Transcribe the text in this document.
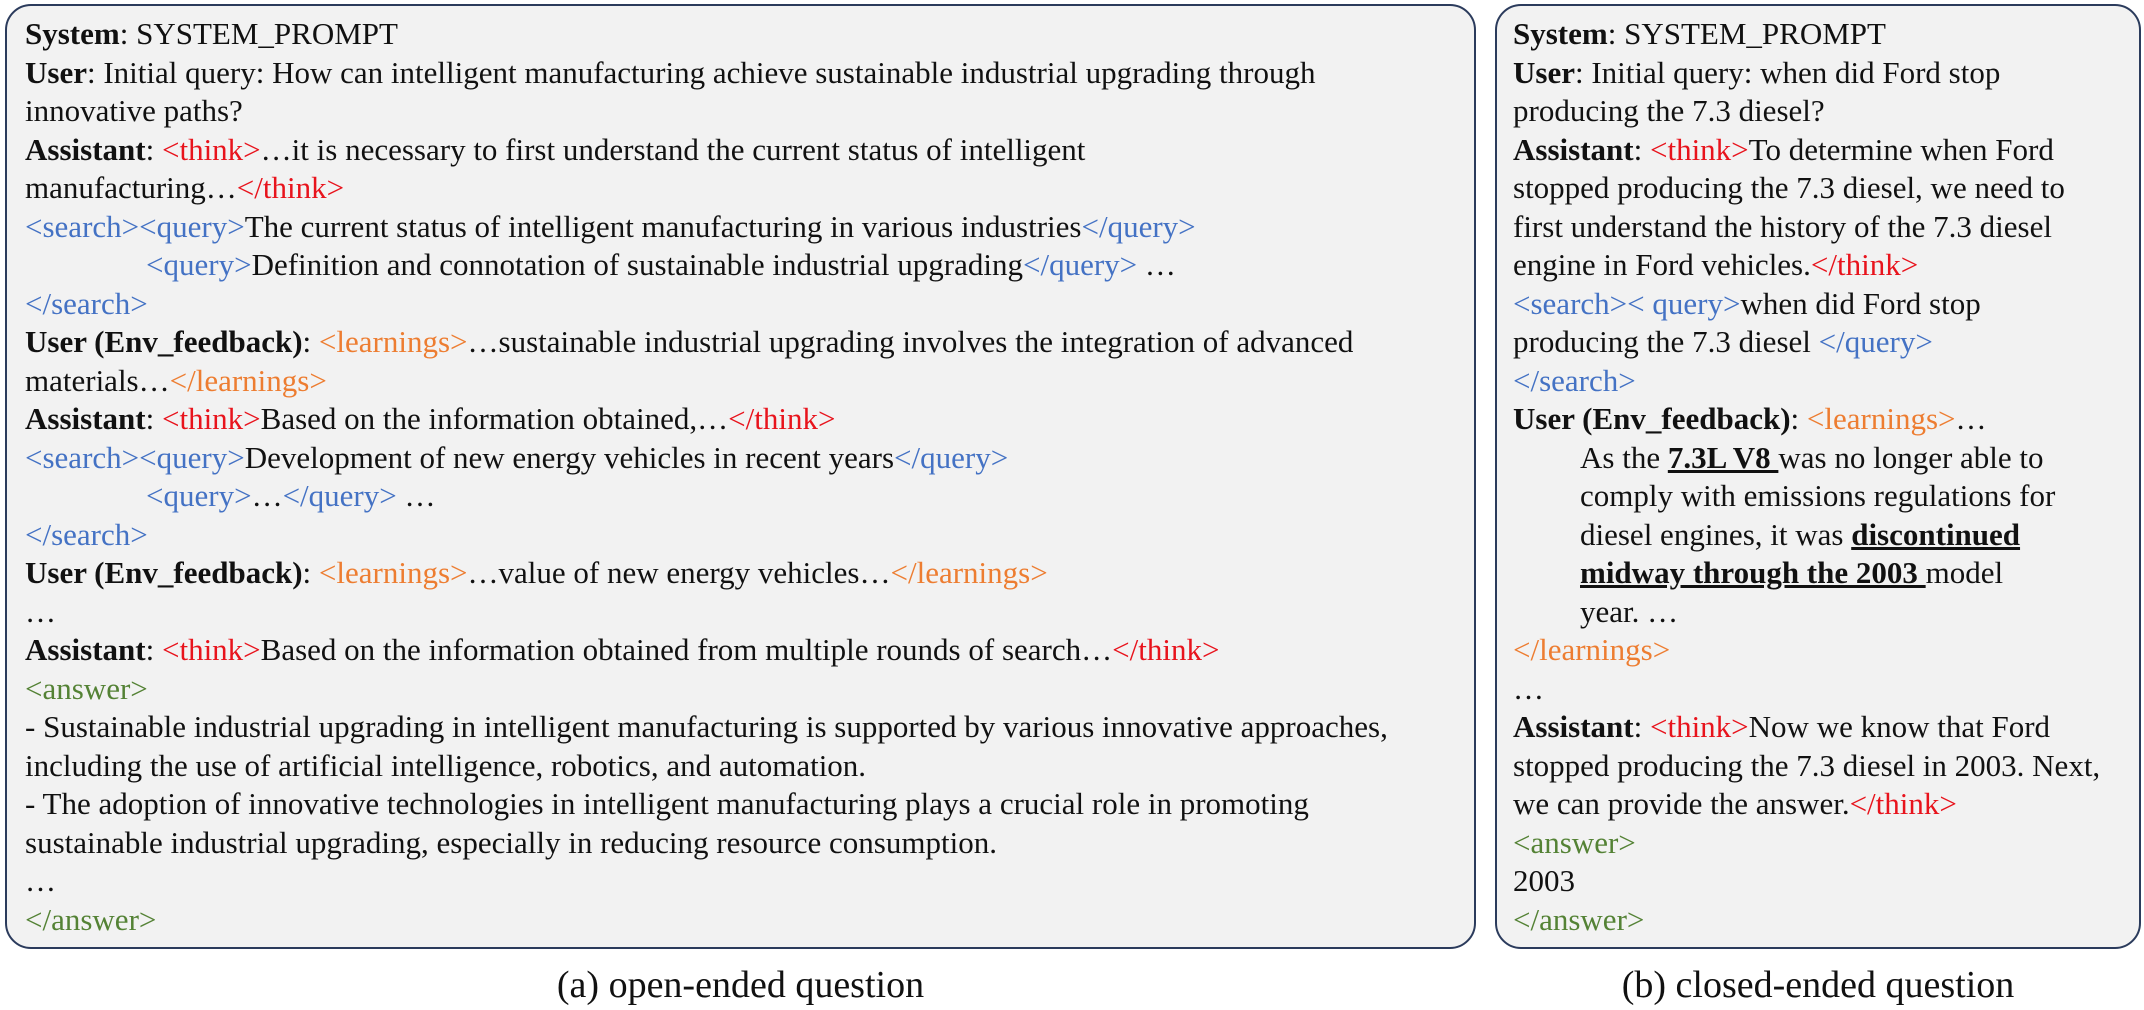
System: SYSTEM_PROMPT
User: Initial query: How can intelligent manufacturing achieve sustainable industrial upgrading through
innovative paths?
Assistant: <think>…it is necessary to first understand the current status of intelligent
manufacturing…</think>
<search><query>The current status of intelligent manufacturing in various industries</query>
<query>Definition and connotation of sustainable industrial upgrading</query> …
</search>
User (Env_feedback): <learnings>…sustainable industrial upgrading involves the integration of advanced
materials…</learnings>
Assistant: <think>Based on the information obtained,…</think>
<search><query>Development of new energy vehicles in recent years</query>
<query>…</query> …
</search>
User (Env_feedback): <learnings>…value of new energy vehicles…</learnings>
…
Assistant: <think>Based on the information obtained from multiple rounds of search…</think>
<answer>
- Sustainable industrial upgrading in intelligent manufacturing is supported by various innovative approaches,
including the use of artificial intelligence, robotics, and automation.
- The adoption of innovative technologies in intelligent manufacturing plays a crucial role in promoting
sustainable industrial upgrading, especially in reducing resource consumption.
…
</answer>
System: SYSTEM_PROMPT
User: Initial query: when did Ford stop
producing the 7.3 diesel?
Assistant: <think>To determine when Ford
stopped producing the 7.3 diesel, we need to
first understand the history of the 7.3 diesel
engine in Ford vehicles.</think>
<search>< query>when did Ford stop
producing the 7.3 diesel </query>
</search>
User (Env_feedback): <learnings>…
As the 7.3L V8 was no longer able to
comply with emissions regulations for
diesel engines, it was discontinued
midway through the 2003 model
year. …
</learnings>
…
Assistant: <think>Now we know that Ford
stopped producing the 7.3 diesel in 2003. Next,
we can provide the answer.</think>
<answer>
2003
</answer>
(a) open-ended question	(b) closed-ended question
